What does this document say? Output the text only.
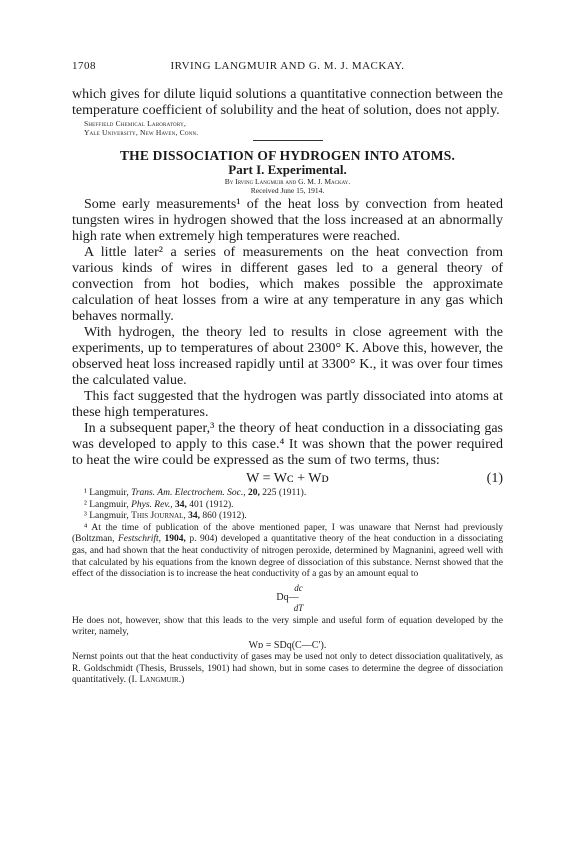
1708	IRVING LANGMUIR AND G. M. J. MACKAY.

which gives for dilute liquid solutions a quantitative connection between the temperature coefficient of solubility and the heat of solution, does not apply.

Sheffield Chemical Laboratory,
Yale University, New Haven, Conn.
THE DISSOCIATION OF HYDROGEN INTO ATOMS.
Part I. Experimental.
By Irving Langmuir and G. M. J. Mackay.
Received June 15, 1914.

Some early measurements¹ of the heat loss by convection from heated tungsten wires in hydrogen showed that the loss increased at an abnormally high rate when extremely high temperatures were reached.

A little later² a series of measurements on the heat convection from various kinds of wires in different gases led to a general theory of convection from hot bodies, which makes possible the approximate calculation of heat losses from a wire at any temperature in any gas which behaves normally.

With hydrogen, the theory led to results in close agreement with the experiments, up to temperatures of about 2300° K. Above this, however, the observed heat loss increased rapidly until at 3300° K., it was over four times the calculated value.

This fact suggested that the hydrogen was partly dissociated into atoms at these high temperatures.

In a subsequent paper,³ the theory of heat conduction in a dissociating gas was developed to apply to this case.⁴ It was shown that the power required to heat the wire could be expressed as the sum of two terms, thus:

W = Wᴄ + Wᴅ	(1)

¹ Langmuir, Trans. Am. Electrochem. Soc., 20, 225 (1911).

² Langmuir, Phys. Rev., 34, 401 (1912).

³ Langmuir, This Journal, 34, 860 (1912).

⁴ At the time of publication of the above mentioned paper, I was unaware that Nernst had previously (Boltzman, Festschrift, 1904, p. 904) developed a quantitative theory of the heat conduction in a dissociating gas, and had shown that the heat conductivity of nitrogen peroxide, determined by Magnanini, agreed well with that calculated by his equations from the known degree of dissociation of this substance. Nernst showed that the effect of the dissociation is to increase the heat conductivity of a gas by an amount equal to

dc
Dq—
dT

He does not, however, show that this leads to the very simple and useful form of equation developed by the writer, namely,

Wᴅ = SDq(C—C′).

Nernst points out that the heat conductivity of gases may be used not only to detect dissociation qualitatively, as R. Goldschmidt (Thesis, Brussels, 1901) had shown, but in some cases to determine the degree of dissociation quantitatively. (I. Langmuir.)
